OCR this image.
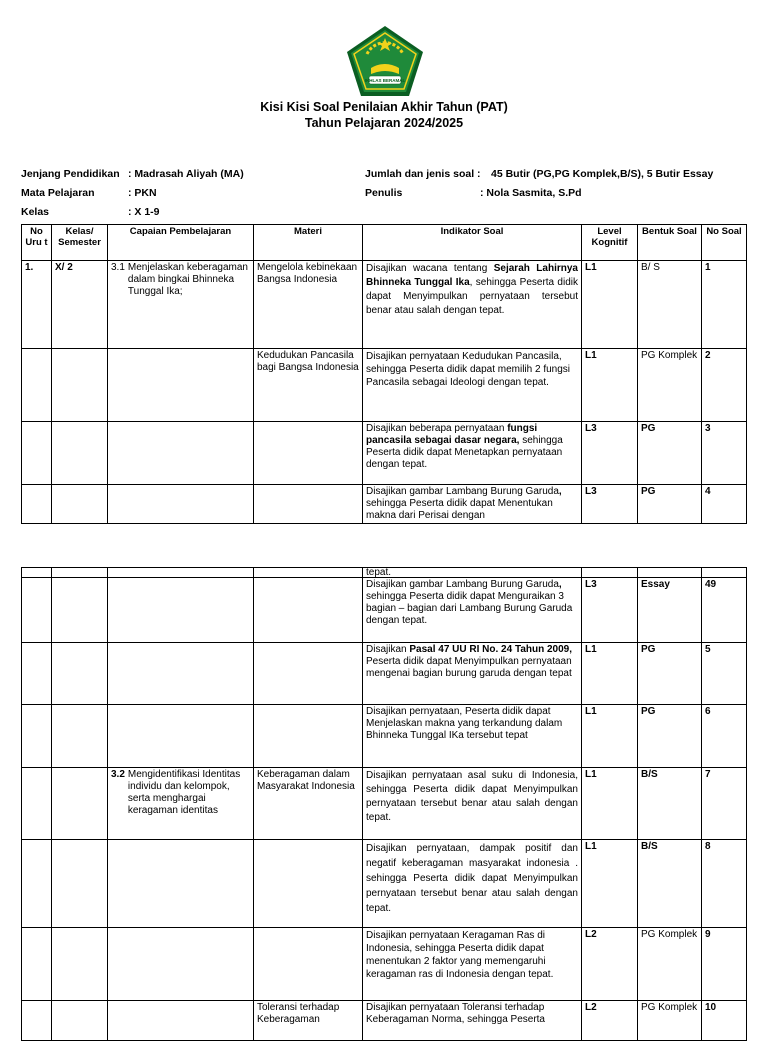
IKHLAS BERAMAL
Kisi Kisi Soal Penilaian Akhir Tahun (PAT)
Tahun Pelajaran 2024/2025
Jenjang Pendidikan : Madrasah Aliyah (MA)
Mata Pelajaran	: PKN
Kelas	: X 1-9
Jumlah dan jenis soal : 45 Butir (PG,PG Komplek,B/S), 5 Butir Essay
Penulis	: Nola Sasmita, S.Pd
No Uru t	Kelas/ Semester	Capaian Pembelajaran	Materi	Indikator Soal	Level Kognitif	Bentuk Soal	No Soal
1.	X/ 2	3.1 Menjelaskan keberagaman dalam bingkai Bhinneka Tunggal Ika;	Mengelola kebinekaan Bangsa Indonesia	Disajikan wacana tentang Sejarah Lahirnya Bhinneka Tunggal Ika, sehingga Peserta didik dapat Menyimpulkan pernyataan tersebut benar atau salah dengan tepat.	L1	B/ S	1
			Kedudukan Pancasila bagi Bangsa Indonesia	Disajikan pernyataan Kedudukan Pancasila, sehingga Peserta didik dapat memilih 2 fungsi Pancasila sebagai Ideologi dengan tepat.	L1	PG Komplek	2
				Disajikan beberapa pernyataan fungsi pancasila sebagai dasar negara, sehingga Peserta didik dapat Menetapkan pernyataan dengan tepat.	L3	PG	3
				Disajikan gambar Lambang Burung Garuda, sehingga Peserta didik dapat Menentukan makna dari Perisai dengan	L3	PG	4
				tepat.			
				Disajikan gambar Lambang Burung Garuda, sehingga Peserta didik dapat Menguraikan 3 bagian – bagian dari Lambang Burung Garuda dengan tepat.	L3	Essay	49
				Disajikan Pasal 47 UU RI No. 24 Tahun 2009, Peserta didik dapat Menyimpulkan pernyataan mengenai bagian burung garuda dengan tepat	L1	PG	5
				Disajikan pernyataan, Peserta didik dapat Menjelaskan makna yang terkandung dalam Bhinneka Tunggal IKa tersebut tepat	L1	PG	6

		3.2 Mengidentifikasi Identitas individu dan kelompok, serta menghargai keragaman identitas	Keberagaman dalam Masyarakat Indonesia	Disajikan pernyataan asal suku di Indonesia, sehingga Peserta didik dapat Menyimpulkan pernyataan tersebut benar atau salah dengan tepat.	L1	B/S	7
				Disajikan pernyataan, dampak positif dan negatif keberagaman masyarakat indonesia . sehingga Peserta didik dapat Menyimpulkan pernyataan tersebut benar atau salah dengan tepat.	L1	B/S	8
				Disajikan pernyataan Keragaman Ras di Indonesia, sehingga Peserta didik dapat menentukan 2 faktor yang memengaruhi keragaman ras di Indonesia dengan tepat.	L2	PG Komplek	9
			Toleransi terhadap Keberagaman	Disajikan pernyataan Toleransi terhadap Keberagaman Norma, sehingga Peserta	L2	PG Komplek	10
